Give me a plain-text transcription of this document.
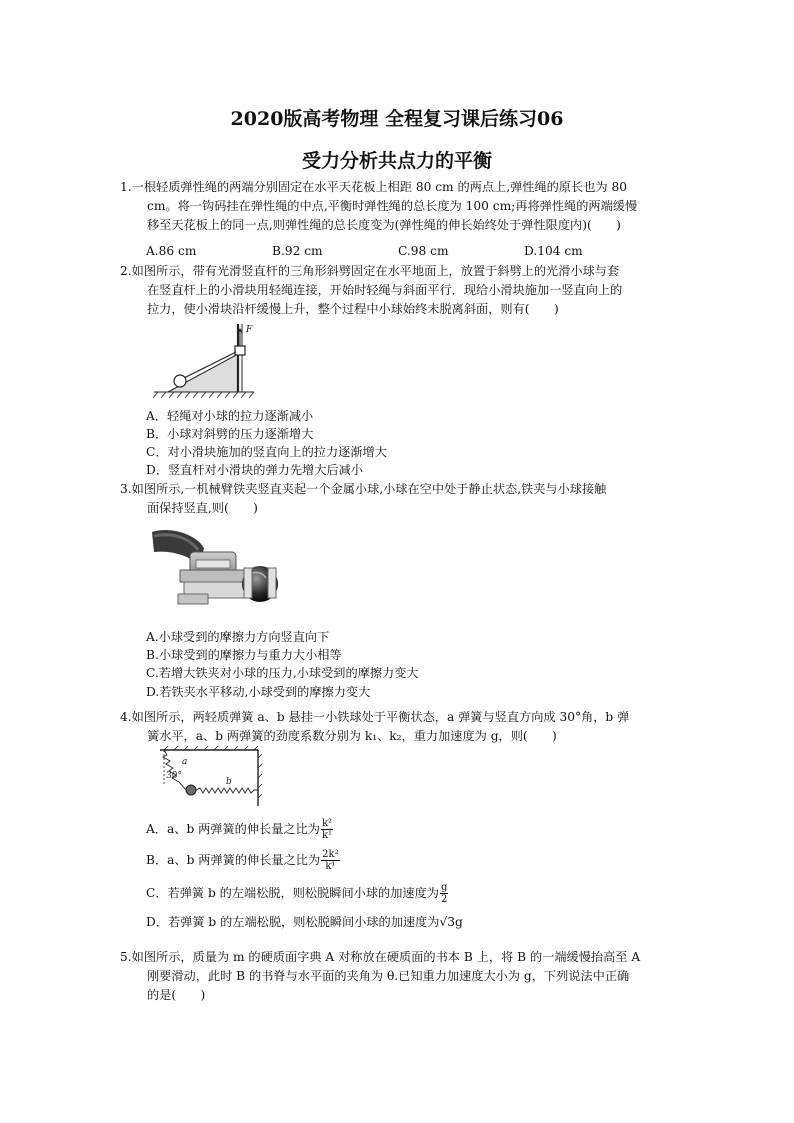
2020版高考物理 全程复习课后练习06
受力分析共点力的平衡
1.一根轻质弹性绳的两端分别固定在水平天花板上相距 80 cm 的两点上,弹性绳的原长也为 80
cm。将一钩码挂在弹性绳的中点,平衡时弹性绳的总长度为 100 cm;再将弹性绳的两端缓慢
移至天花板上的同一点,则弹性绳的总长度变为(弹性绳的伸长始终处于弹性限度内)(　　)
A.86 cm	B.92 cm	C.98 cm	D.104 cm
2.如图所示，带有光滑竖直杆的三角形斜劈固定在水平地面上，放置于斜劈上的光滑小球与套
在竖直杆上的小滑块用轻绳连接，开始时轻绳与斜面平行．现给小滑块施加一竖直向上的
拉力，使小滑块沿杆缓慢上升，整个过程中小球始终未脱离斜面，则有(　　)
F
A．轻绳对小球的拉力逐渐减小
B．小球对斜劈的压力逐渐增大
C．对小滑块施加的竖直向上的拉力逐渐增大
D．竖直杆对小滑块的弹力先增大后减小
3.如图所示,一机械臂铁夹竖直夹起一个金属小球,小球在空中处于静止状态,铁夹与小球接触
面保持竖直,则(　　)
A.小球受到的摩擦力方向竖直向下
B.小球受到的摩擦力与重力大小相等
C.若增大铁夹对小球的压力,小球受到的摩擦力变大
D.若铁夹水平移动,小球受到的摩擦力变大
4.如图所示，两轻质弹簧 a、b 悬挂一小铁球处于平衡状态，a 弹簧与竖直方向成 30°角，b 弹
簧水平，a、b 两弹簧的劲度系数分别为 k₁、k₂，重力加速度为 g，则(　　)
30°
a
b
A．a、b 两弹簧的伸长量之比为 $\frac{\text{k²}}{\text{k¹}}$
B．a、b 两弹簧的伸长量之比为 $\frac{\text{2k²}}{\text{k¹}}$
C．若弹簧 b 的左端松脱，则松脱瞬间小球的加速度为 $\frac{g}{2}$
D．若弹簧 b 的左端松脱，则松脱瞬间小球的加速度为√3g
5.如图所示，质量为 m 的硬质面字典 A 对称放在硬质面的书本 B 上，将 B 的一端缓慢抬高至 A
刚要滑动，此时 B 的书脊与水平面的夹角为 θ.已知重力加速度大小为 g，下列说法中正确
的是(　　)
